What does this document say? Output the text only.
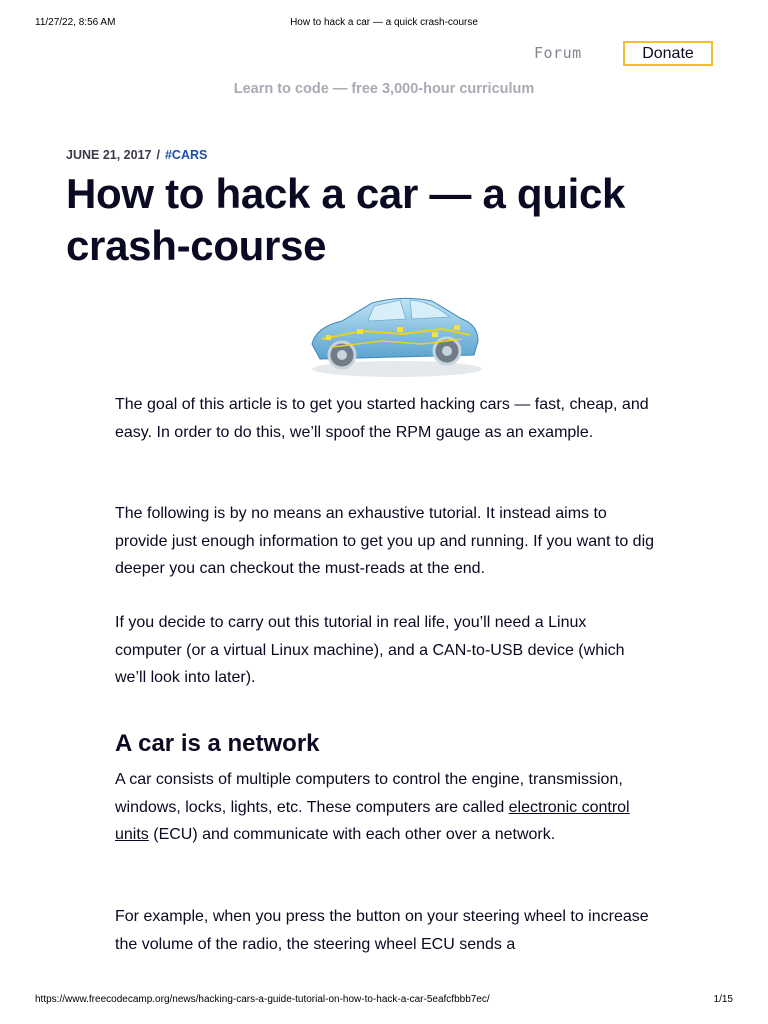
11/27/22, 8:56 AM	How to hack a car — a quick crash-course
Forum	Donate
Learn to code — free 3,000-hour curriculum
JUNE 21, 2017 / #CARS
How to hack a car — a quick crash-course

The goal of this article is to get you started hacking cars — fast, cheap, and easy. In order to do this, we’ll spoof the RPM gauge as an example.

The following is by no means an exhaustive tutorial. It instead aims to provide just enough information to get you up and running. If you want to dig deeper you can checkout the must-reads at the end.

If you decide to carry out this tutorial in real life, you’ll need a Linux computer (or a virtual Linux machine), and a CAN-to-USB device (which we’ll look into later).

A car is a network

A car consists of multiple computers to control the engine, transmission, windows, locks, lights, etc. These computers are called electronic control units (ECU) and communicate with each other over a network.

For example, when you press the button on your steering wheel to increase the volume of the radio, the steering wheel ECU sends a

https://www.freecodecamp.org/news/hacking-cars-a-guide-tutorial-on-how-to-hack-a-car-5eafcfbbb7ec/	1/15
